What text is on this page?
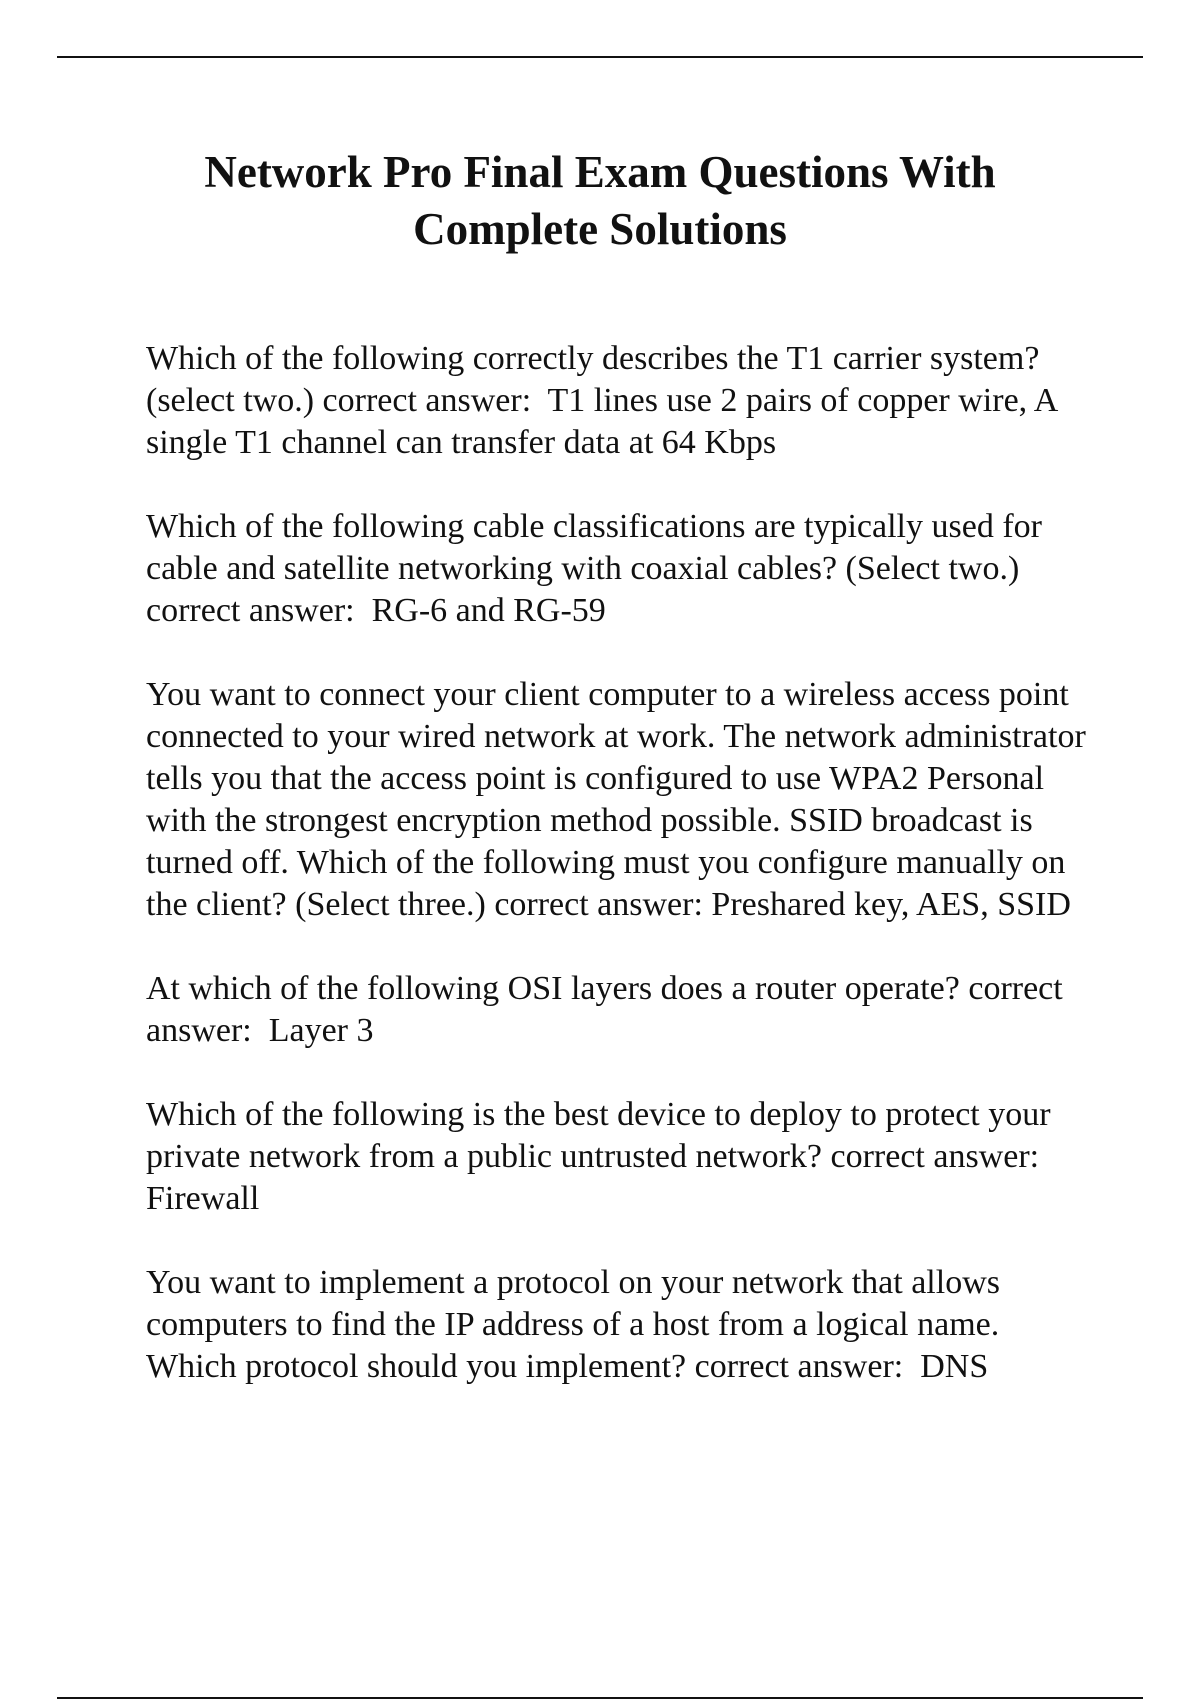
Network Pro Final Exam Questions With
Complete Solutions

Which of the following correctly describes the T1 carrier system? (select two.) correct answer:  T1 lines use 2 pairs of copper wire, A single T1 channel can transfer data at 64 Kbps

Which of the following cable classifications are typically used for cable and satellite networking with coaxial cables? (Select two.) correct answer:  RG-6 and RG-59

You want to connect your client computer to a wireless access point connected to your wired network at work. The network administrator tells you that the access point is configured to use WPA2 Personal with the strongest encryption method possible. SSID broadcast is turned off. Which of the following must you configure manually on the client? (Select three.) correct answer: Preshared key, AES, SSID

At which of the following OSI layers does a router operate? correct answer:  Layer 3

Which of the following is the best device to deploy to protect your private network from a public untrusted network? correct answer:  Firewall

You want to implement a protocol on your network that allows computers to find the IP address of a host from a logical name. Which protocol should you implement? correct answer:  DNS
